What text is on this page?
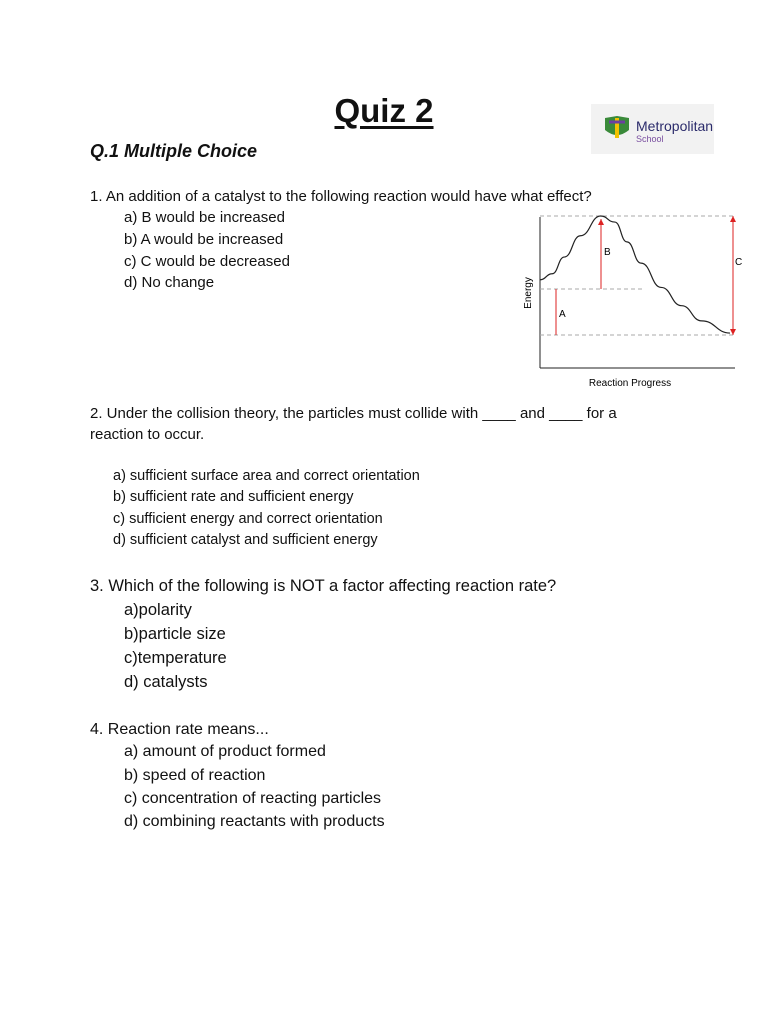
Quiz 2	Metropolitan
School
Q.1 Multiple Choice
1. An addition of a catalyst to the following reaction would have what effect?
a) B would be increased
b) A would be increased
c) C would be decreased
d) No change
A
B
C
Energy
Reaction Progress
2. Under the collision theory, the particles must collide with ____ and ____ for a
reaction to occur.
a) sufficient surface area and correct orientation
b) sufficient rate and sufficient energy
c) sufficient energy and correct orientation
d) sufficient catalyst and sufficient energy
3. Which of the following is NOT a factor affecting reaction rate?
a)polarity
b)particle size
c)temperature
d) catalysts
4. Reaction rate means...
a) amount of product formed
b) speed of reaction
c) concentration of reacting particles
d) combining reactants with products
